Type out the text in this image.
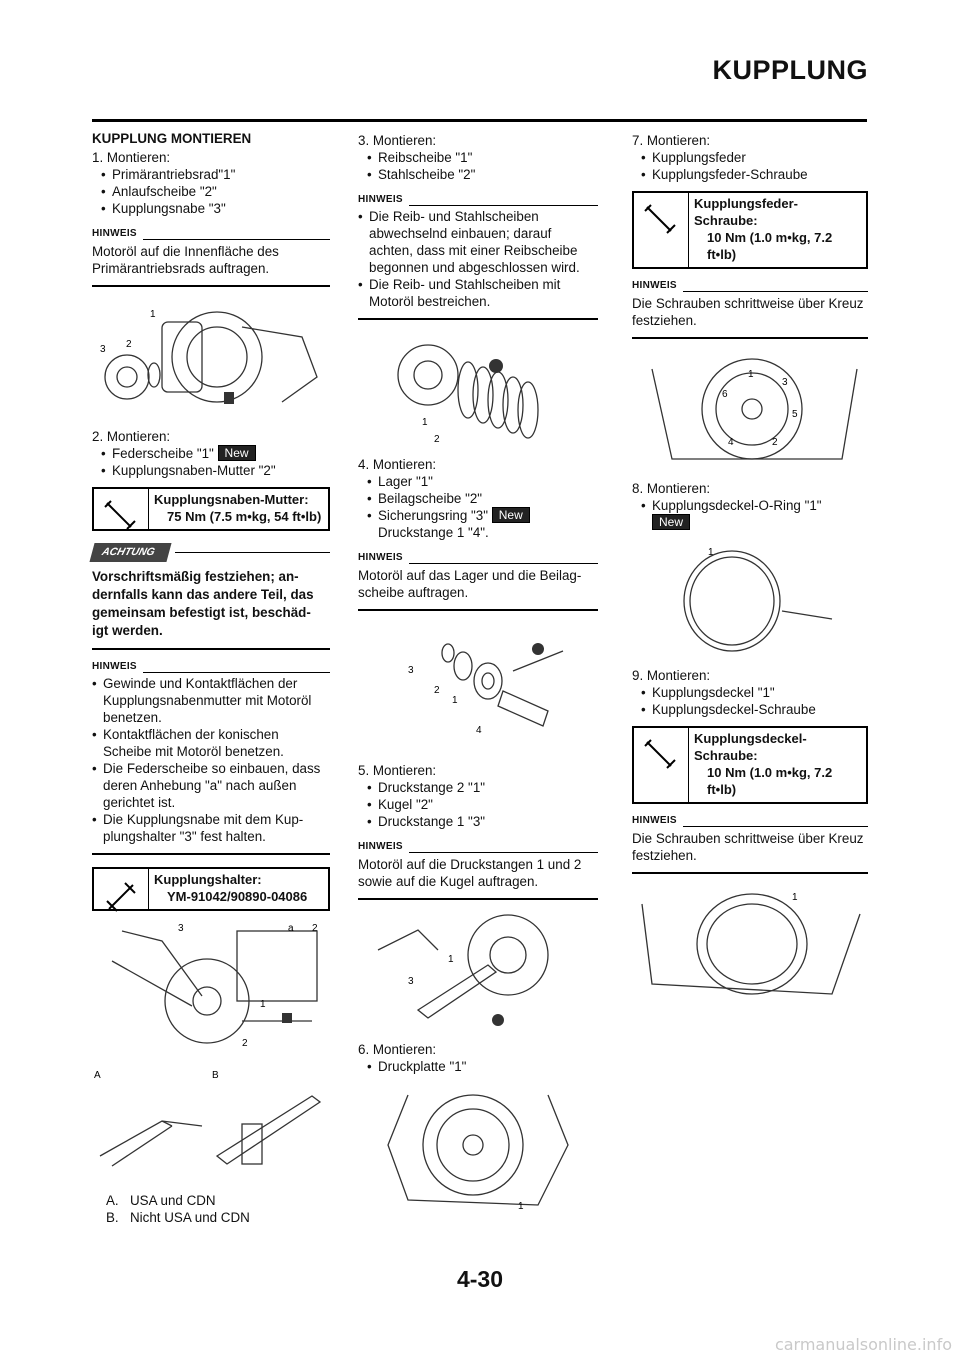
KUPPLUNG
KUPPLUNG MONTIEREN
1. Montieren:
• Primärantriebsrad"1"
• Anlaufscheibe "2"
• Kupplungsnabe "3"
HINWEIS
Motoröl auf die Innenfläche des Primärantriebsrads auftragen.
1
3 2
2. Montieren:
• Federscheibe "1" New
• Kupplungsnaben-Mutter "2"
Kupplungsnaben-Mutter:
75 Nm (7.5 m•kg, 54 ft•lb)
ACHTUNG
Vorschriftsmäßig festziehen; an- dernfalls kann das andere Teil, das gemeinsam befestigt ist, beschäd- igt werden.
HINWEIS
• Gewinde und Kontaktflächen der Kupplungsnabenmutter mit Motoröl benetzen.
• Kontaktflächen der konischen Scheibe mit Motoröl benetzen.
• Die Federscheibe so einbauen, dass deren Anhebung "a" nach außen gerichtet ist.
• Die Kupplungsnabe mit dem Kup- plungshalter "3" fest halten.
Kupplungshalter:
YM-91042/90890-04086
3	a 2
1
2
A	B
A. USA und CDN
B. Nicht USA und CDN
3. Montieren:
• Reibscheibe "1"
• Stahlscheibe "2"
HINWEIS
• Die Reib- und Stahlscheiben abwechselnd einbauen; darauf achten, dass mit einer Reibscheibe begonnen und abgeschlossen wird.
• Die Reib- und Stahlscheiben mit Motoröl bestreichen.
1
2
4. Montieren:
• Lager "1"
• Beilagscheibe "2"
• Sicherungsring "3" New
Druckstange 1 "4".
HINWEIS
Motoröl auf das Lager und die Beilag- scheibe auftragen.
3
2
1
4
5. Montieren:
• Druckstange 2 "1"
• Kugel "2"
• Druckstange 1 "3"
HINWEIS
Motoröl auf die Druckstangen 1 und 2 sowie auf die Kugel auftragen.
1
3
6. Montieren:
• Druckplatte "1"
1
7. Montieren:
• Kupplungsfeder
• Kupplungsfeder-Schraube
Kupplungsfeder- Schraube:
10 Nm (1.0 m•kg, 7.2 ft•lb)
HINWEIS
Die Schrauben schrittweise über Kreuz festziehen.
1
3
5
2
4
6
8. Montieren:
• Kupplungsdeckel-O-Ring "1"
New
1
9. Montieren:
• Kupplungsdeckel "1"
• Kupplungsdeckel-Schraube
Kupplungsdeckel- Schraube:
10 Nm (1.0 m•kg, 7.2 ft•lb)
HINWEIS
Die Schrauben schrittweise über Kreuz festziehen.
1
4-30
carmanualsonline.info
